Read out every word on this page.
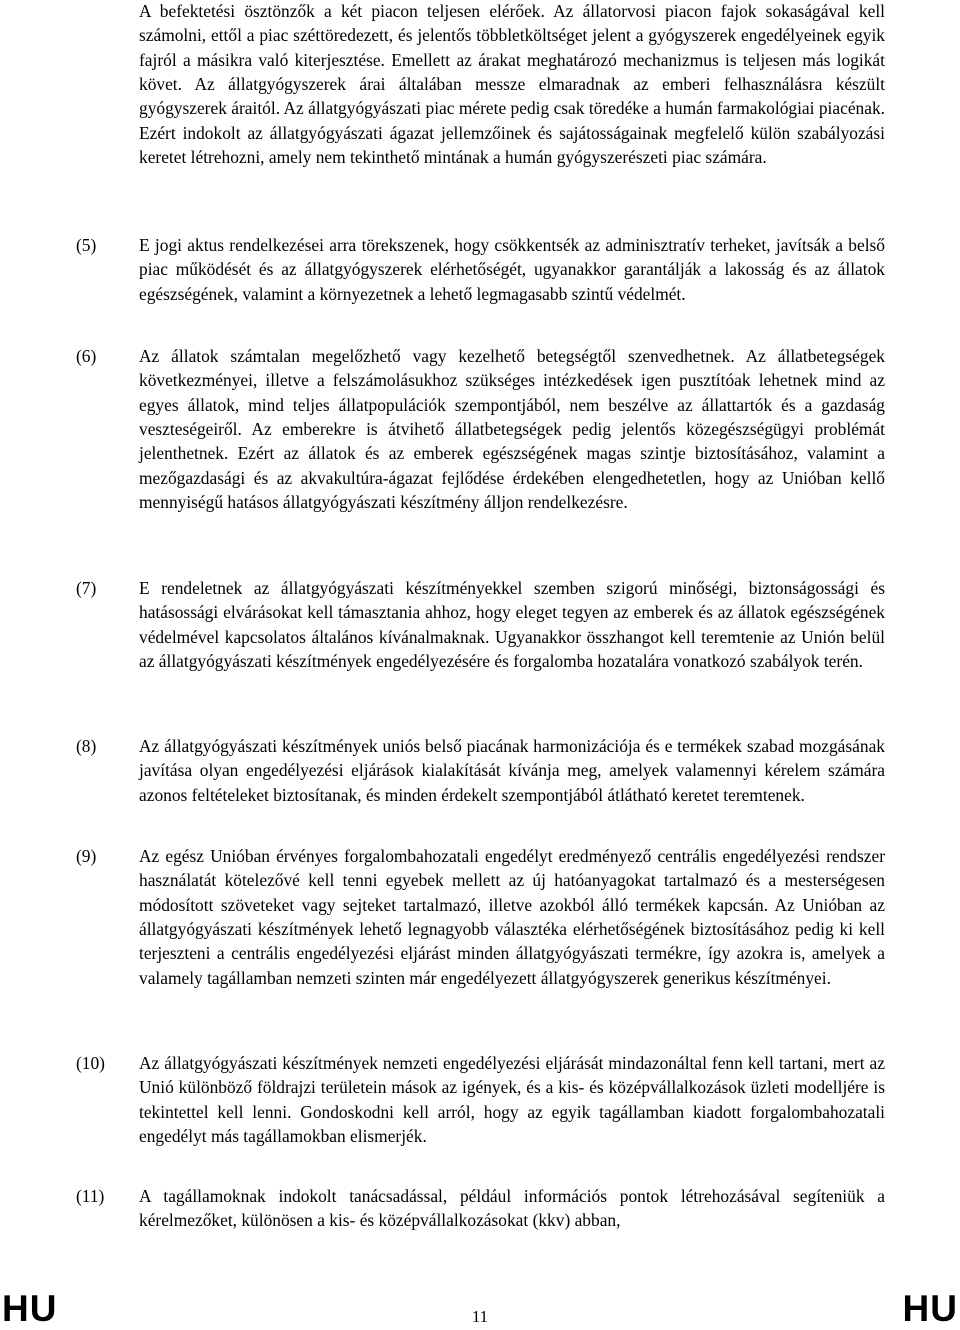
A befektetési ösztönzők a két piacon teljesen elérőek. Az állatorvosi piacon fajok sokaságával kell számolni, ettől a piac széttöredezett, és jelentős többletköltséget jelent a gyógyszerek engedélyeinek egyik fajról a másikra való kiterjesztése. Emellett az árakat meghatározó mechanizmus is teljesen más logikát követ. Az állatgyógyszerek árai általában messze elmaradnak az emberi felhasználásra készült gyógyszerek áraitól. Az állatgyógyászati piac mérete pedig csak töredéke a humán farmakológiai piacénak. Ezért indokolt az állatgyógyászati ágazat jellemzőinek és sajátosságainak megfelelő külön szabályozási keretet létrehozni, amely nem tekinthető mintának a humán gyógyszerészeti piac számára.

(5) E jogi aktus rendelkezései arra törekszenek, hogy csökkentsék az adminisztratív terheket, javítsák a belső piac működését és az állatgyógyszerek elérhetőségét, ugyanakkor garantálják a lakosság és az állatok egészségének, valamint a környezetnek a lehető legmagasabb szintű védelmét.

(6) Az állatok számtalan megelőzhető vagy kezelhető betegségtől szenvedhetnek. Az állatbetegségek következményei, illetve a felszámolásukhoz szükséges intézkedések igen pusztítóak lehetnek mind az egyes állatok, mind teljes állatpopulációk szempontjából, nem beszélve az állattartók és a gazdaság veszteségeiről. Az emberekre is átvihető állatbetegségek pedig jelentős közegészségügyi problémát jelenthetnek. Ezért az állatok és az emberek egészségének magas szintje biztosításához, valamint a mezőgazdasági és az akvakultúra-ágazat fejlődése érdekében elengedhetetlen, hogy az Unióban kellő mennyiségű hatásos állatgyógyászati készítmény álljon rendelkezésre.

(7) E rendeletnek az állatgyógyászati készítményekkel szemben szigorú minőségi, biztonságossági és hatásossági elvárásokat kell támasztania ahhoz, hogy eleget tegyen az emberek és az állatok egészségének védelmével kapcsolatos általános kívánalmaknak. Ugyanakkor összhangot kell teremtenie az Unión belül az állatgyógyászati készítmények engedélyezésére és forgalomba hozatalára vonatkozó szabályok terén.

(8) Az állatgyógyászati készítmények uniós belső piacának harmonizációja és e termékek szabad mozgásának javítása olyan engedélyezési eljárások kialakítását kívánja meg, amelyek valamennyi kérelem számára azonos feltételeket biztosítanak, és minden érdekelt szempontjából átlátható keretet teremtenek.

(9) Az egész Unióban érvényes forgalombahozatali engedélyt eredményező centrális engedélyezési rendszer használatát kötelezővé kell tenni egyebek mellett az új hatóanyagokat tartalmazó és a mesterségesen módosított szöveteket vagy sejteket tartalmazó, illetve azokból álló termékek kapcsán. Az Unióban az állatgyógyászati készítmények lehető legnagyobb választéka elérhetőségének biztosításához pedig ki kell terjeszteni a centrális engedélyezési eljárást minden állatgyógyászati termékre, így azokra is, amelyek a valamely tagállamban nemzeti szinten már engedélyezett állatgyógyszerek generikus készítményei.

(10) Az állatgyógyászati készítmények nemzeti engedélyezési eljárását mindazonáltal fenn kell tartani, mert az Unió különböző földrajzi területein mások az igények, és a kis- és középvállalkozások üzleti modelljére is tekintettel kell lenni. Gondoskodni kell arról, hogy az egyik tagállamban kiadott forgalombahozatali engedélyt más tagállamokban elismerjék.

(11) A tagállamoknak indokolt tanácsadással, például információs pontok létrehozásával segíteniük a kérelmezőket, különösen a kis- és középvállalkozásokat (kkv) abban,

HU	11	HU
